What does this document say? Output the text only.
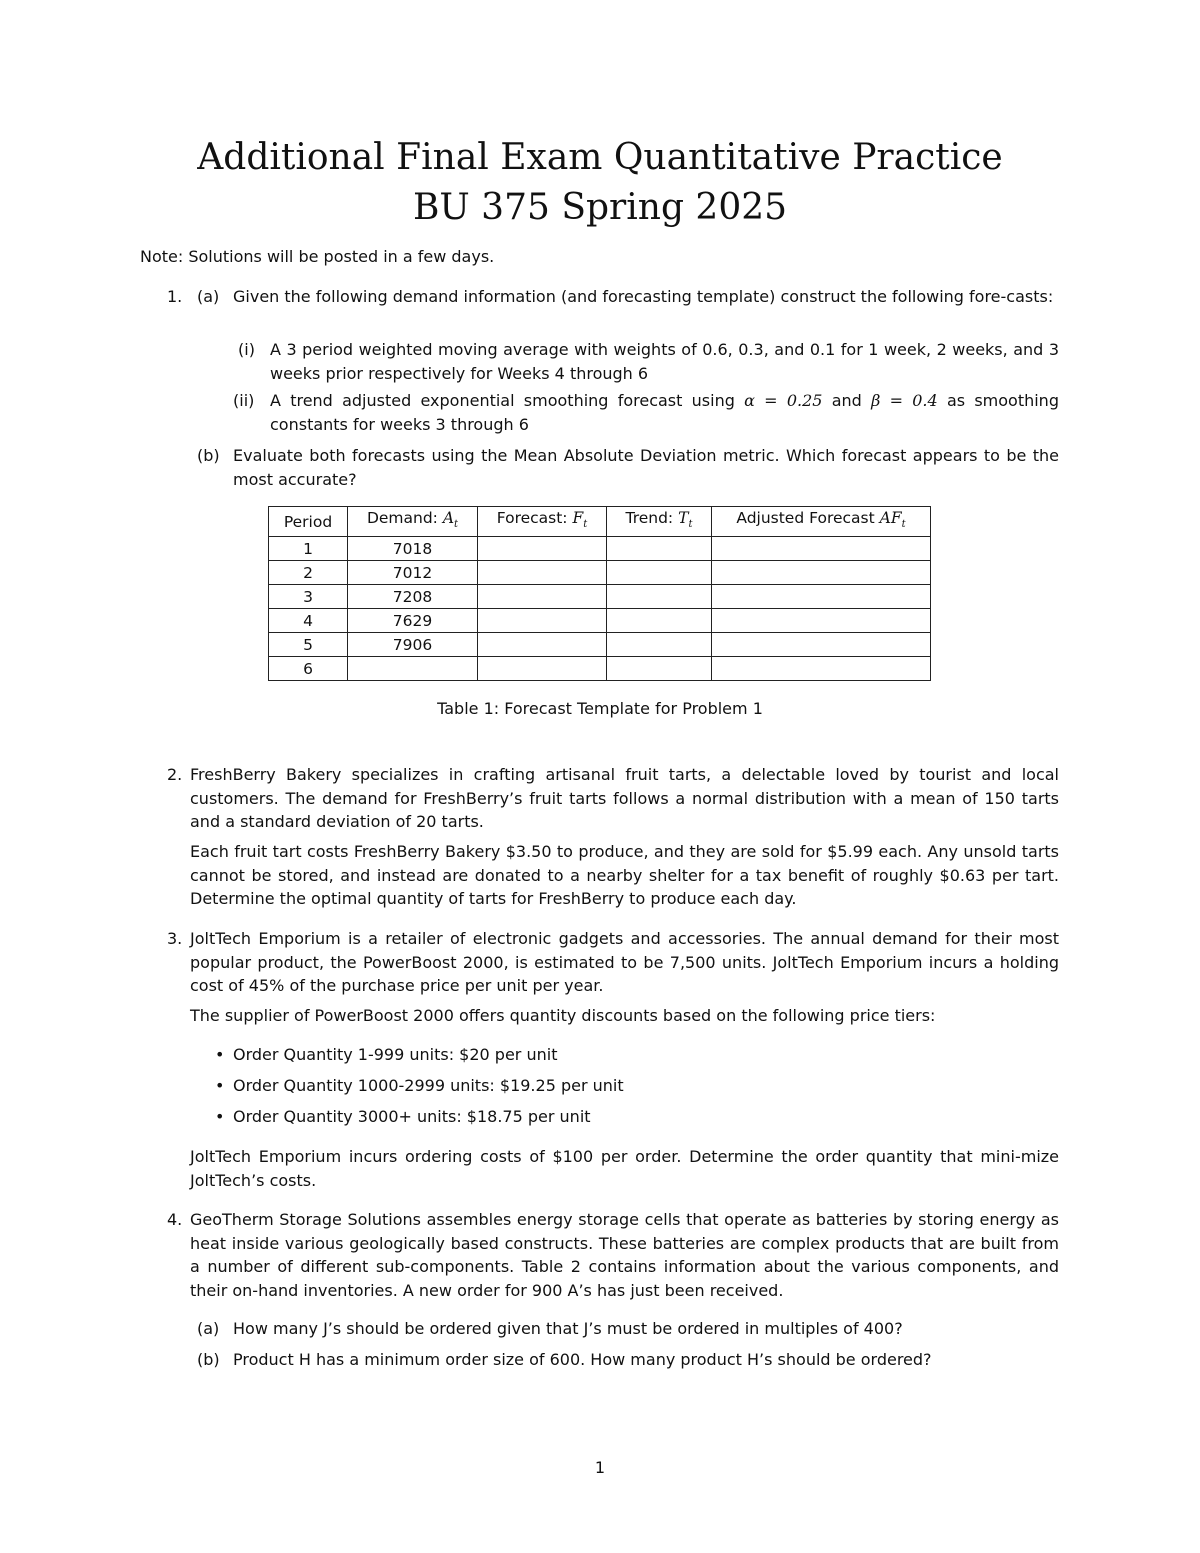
Additional Final Exam Quantitative Practice
BU 375 Spring 2025
Note: Solutions will be posted in a few days.
1. (a) Given the following demand information (and forecasting template) construct the following fore-casts:
(i) A 3 period weighted moving average with weights of 0.6, 0.3, and 0.1 for 1 week, 2 weeks, and 3 weeks prior respectively for Weeks 4 through 6
(ii) A trend adjusted exponential smoothing forecast using α = 0.25 and β = 0.4 as smoothing constants for weeks 3 through 6
(b) Evaluate both forecasts using the Mean Absolute Deviation metric. Which forecast appears to be the most accurate?
Period	Demand: $A_t$	Forecast: $F_t$	Trend: $T_t$	Adjusted Forecast $AF_t$
1	7018			
2	7012			
3	7208			
4	7629			
5	7906			
6				
Table 1: Forecast Template for Problem 1
2. FreshBerry Bakery specializes in crafting artisanal fruit tarts, a delectable loved by tourist and local customers. The demand for FreshBerry’s fruit tarts follows a normal distribution with a mean of 150 tarts and a standard deviation of 20 tarts.
Each fruit tart costs FreshBerry Bakery $3.50 to produce, and they are sold for $5.99 each. Any unsold tarts cannot be stored, and instead are donated to a nearby shelter for a tax benefit of roughly $0.63 per tart. Determine the optimal quantity of tarts for FreshBerry to produce each day.
3. JoltTech Emporium is a retailer of electronic gadgets and accessories. The annual demand for their most popular product, the PowerBoost 2000, is estimated to be 7,500 units. JoltTech Emporium incurs a holding cost of 45% of the purchase price per unit per year.
The supplier of PowerBoost 2000 offers quantity discounts based on the following price tiers:
• Order Quantity 1-999 units: $20 per unit
• Order Quantity 1000-2999 units: $19.25 per unit
• Order Quantity 3000+ units: $18.75 per unit
JoltTech Emporium incurs ordering costs of $100 per order. Determine the order quantity that mini-mize JoltTech’s costs.
4. GeoTherm Storage Solutions assembles energy storage cells that operate as batteries by storing energy as heat inside various geologically based constructs. These batteries are complex products that are built from a number of different sub-components. Table 2 contains information about the various components, and their on-hand inventories. A new order for 900 A’s has just been received.
(a) How many J’s should be ordered given that J’s must be ordered in multiples of 400?
(b) Product H has a minimum order size of 600. How many product H’s should be ordered?
1
